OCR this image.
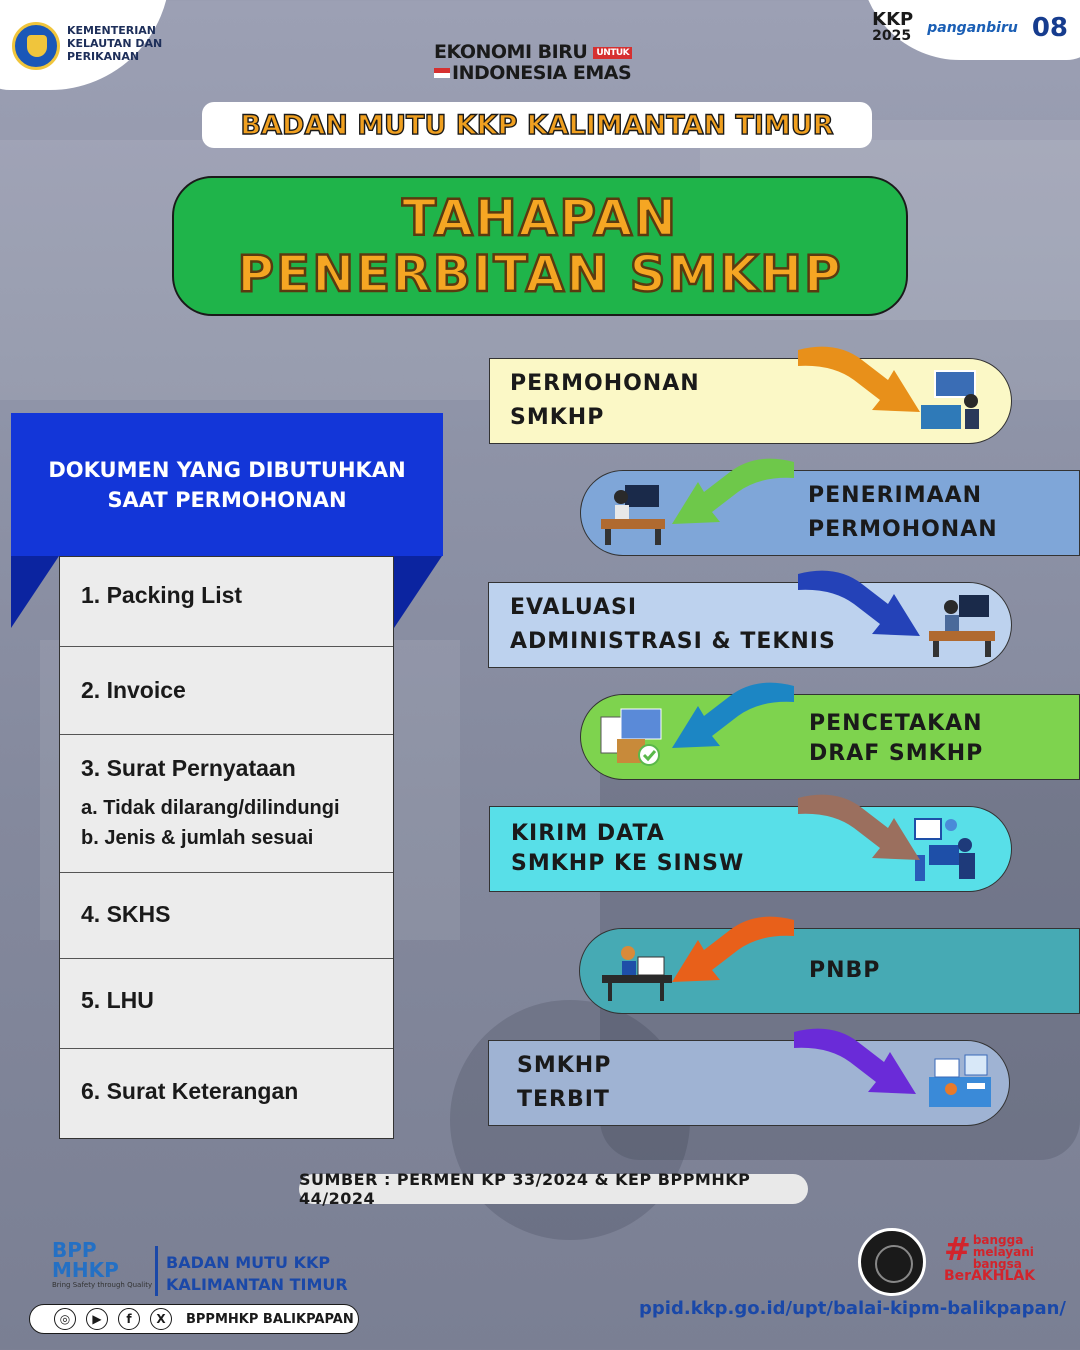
KEMENTERIAN
KELAUTAN DAN
PERIKANAN
KKP
2025 panganbiru 08
EKONOMI BIRU UNTUK
INDONESIA EMAS
BADAN MUTU KKP KALIMANTAN TIMUR
TAHAPAN
PENERBITAN SMKHP
DOKUMEN YANG DIBUTUHKAN
SAAT PERMOHONAN
1. Packing List
2. Invoice
3. Surat Pernyataan
a. Tidak dilarang/dilindungi
b. Jenis & jumlah sesuai
4. SKHS
5. LHU
6. Surat Keterangan
PERMOHONAN
SMKHP
PENERIMAAN
PERMOHONAN
EVALUASI
ADMINISTRASI & TEKNIS
PENCETAKAN
DRAF SMKHP
KIRIM DATA
SMKHP KE SINSW
PNBP
SMKHP
TERBIT
SUMBER : PERMEN KP 33/2024 & KEP BPPMHKP 44/2024
BPP
MHKP
Bring Safety through Quality
BADAN MUTU KKP
KALIMANTAN TIMUR
◎	▶	f	X	BPPMHKP BALIKPAPAN
# bangga
melayani
bangsa
BerAKHLAK
ppid.kkp.go.id/upt/balai-kipm-balikpapan/
